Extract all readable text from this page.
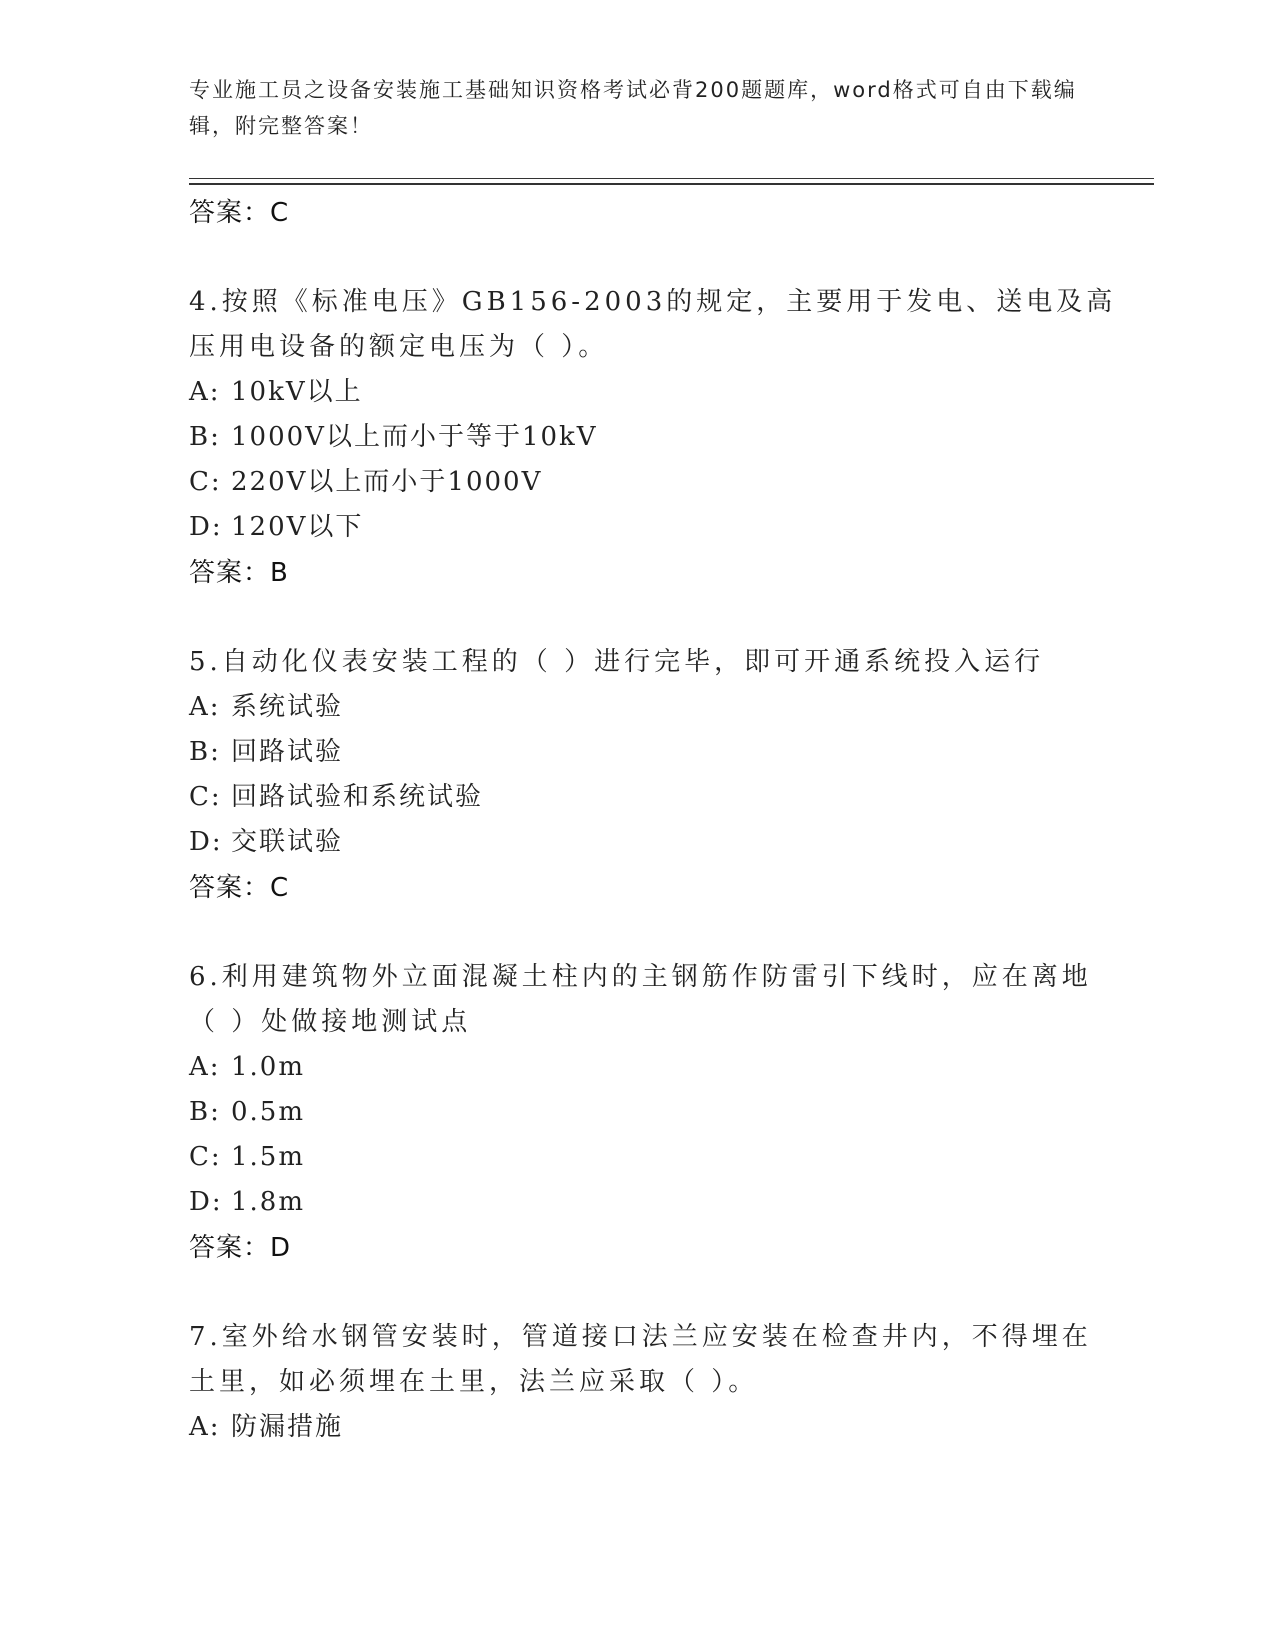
专业施工员之设备安装施工基础知识资格考试必背200题题库，word格式可自由下载编辑，附完整答案！
答案：C
4.按照《标准电压》GB156-2003的规定，主要用于发电、送电及高压用电设备的额定电压为（ ）。
A: 10kV以上
B: 1000V以上而小于等于10kV
C: 220V以上而小于1000V
D: 120V以下
答案：B
5.自动化仪表安装工程的（ ）进行完毕，即可开通系统投入运行
A: 系统试验
B: 回路试验
C: 回路试验和系统试验
D: 交联试验
答案：C
6.利用建筑物外立面混凝土柱内的主钢筋作防雷引下线时，应在离地（ ）处做接地测试点
A: 1.0m
B: 0.5m
C: 1.5m
D: 1.8m
答案：D
7.室外给水钢管安装时，管道接口法兰应安装在检查井内，不得埋在土里，如必须埋在土里，法兰应采取（ ）。
A: 防漏措施
